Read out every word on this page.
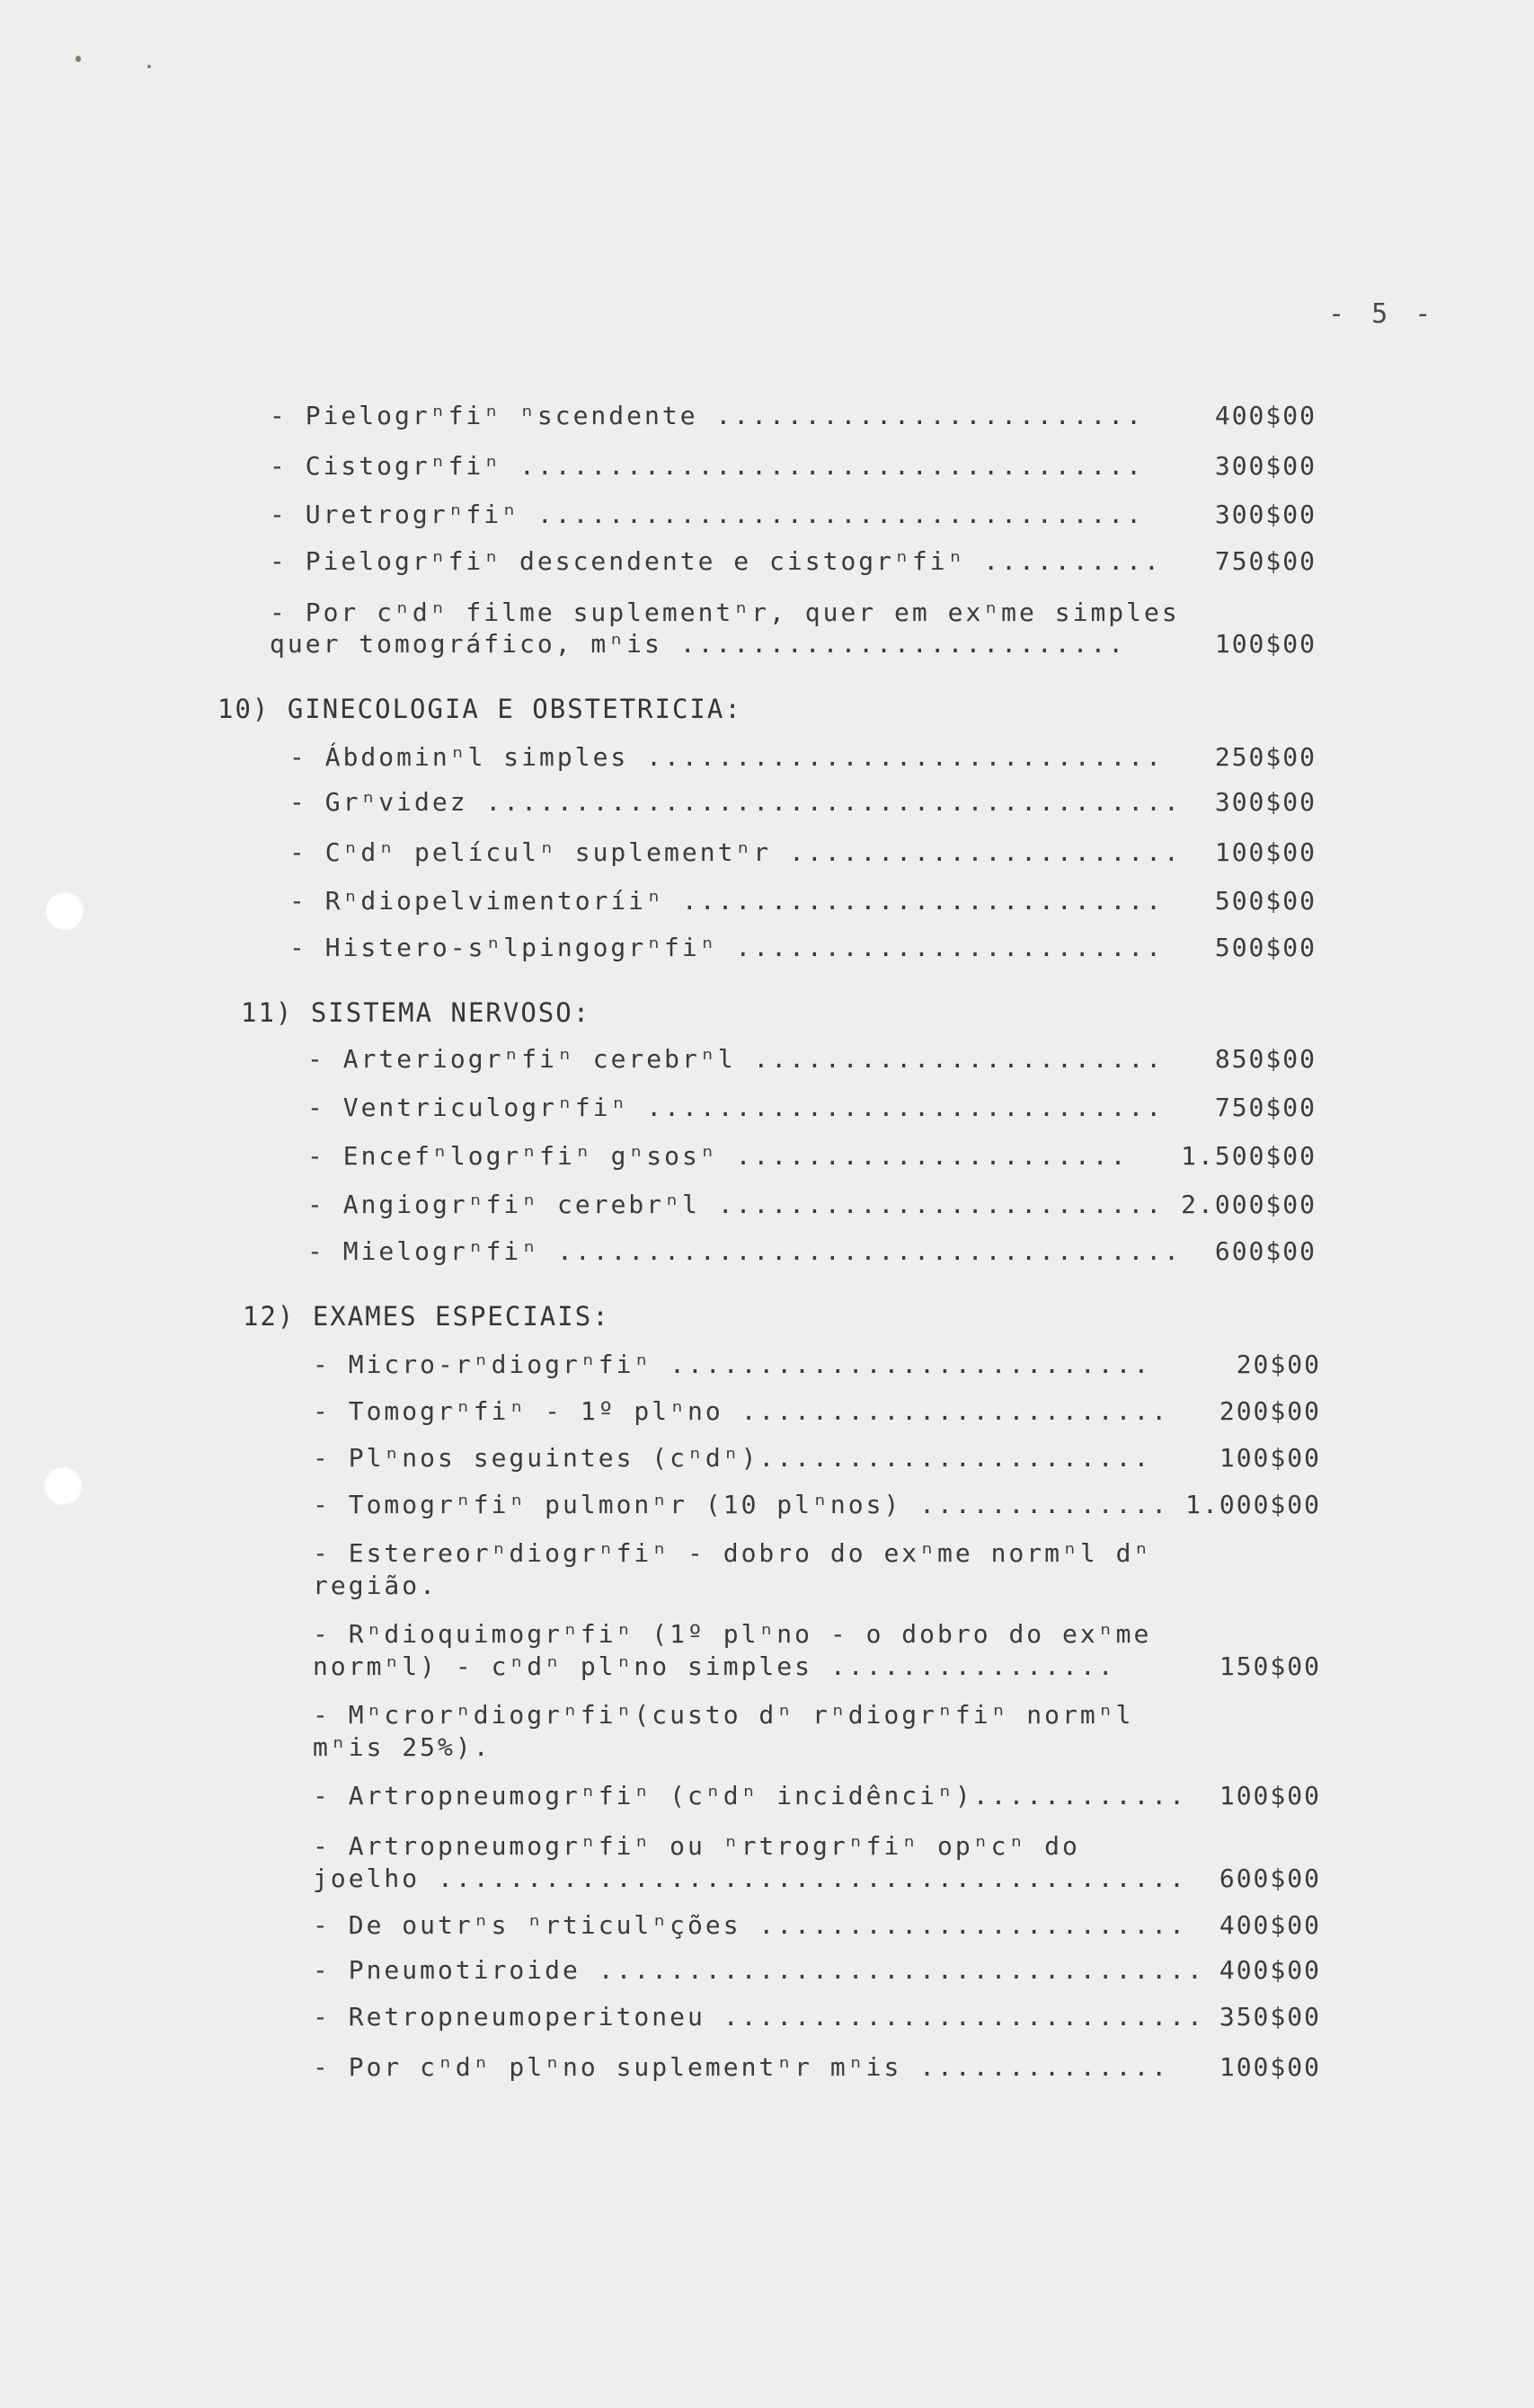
- 5 -
- Pielogrⁿfiⁿ ⁿscendente ........................	400$00
- Cistogrⁿfiⁿ ...................................	300$00
- Uretrogrⁿfiⁿ ..................................	300$00
- Pielogrⁿfiⁿ descendente e cistogrⁿfiⁿ ..........	750$00
- Por cⁿdⁿ filme suplementⁿr, quer em exⁿme simples
quer tomográfico, mⁿis .........................	100$00
10) GINECOLOGIA E OBSTETRICIA:
- Ábdominⁿl simples .............................	250$00
- Grⁿvidez .......................................	300$00
- Cⁿdⁿ películⁿ suplementⁿr ......................	100$00
- Rⁿdiopelvimentoríiⁿ ...........................	500$00
- Histero-sⁿlpingogrⁿfiⁿ ........................	500$00
11) SISTEMA NERVOSO:
- Arteriogrⁿfiⁿ cerebrⁿl .......................	850$00
- Ventriculogrⁿfiⁿ .............................	750$00
- Encefⁿlogrⁿfiⁿ gⁿsosⁿ ......................	1.500$00
- Angiogrⁿfiⁿ cerebrⁿl ......................... 2.000$00
- Mielogrⁿfiⁿ ...................................	600$00
12) EXAMES ESPECIAIS:
- Micro-rⁿdiogrⁿfiⁿ ...........................	20$00
- Tomogrⁿfiⁿ - 1º plⁿno ........................	200$00
- Plⁿnos seguintes (cⁿdⁿ)......................	100$00
- Tomogrⁿfiⁿ pulmonⁿr (10 plⁿnos) .............. 1.000$00
- Estereorⁿdiogrⁿfiⁿ - dobro do exⁿme normⁿl dⁿ
região.
- Rⁿdioquimogrⁿfiⁿ (1º plⁿno - o dobro do exⁿme
normⁿl) - cⁿdⁿ plⁿno simples ................	150$00
- Mⁿcrorⁿdiogrⁿfiⁿ(custo dⁿ rⁿdiogrⁿfiⁿ normⁿl
mⁿis 25%).
- Artropneumogrⁿfiⁿ (cⁿdⁿ incidênciⁿ)............	100$00
- Artropneumogrⁿfiⁿ ou ⁿrtrogrⁿfiⁿ opⁿcⁿ do
joelho ..........................................	600$00
- De outrⁿs ⁿrticulⁿções ........................	400$00
- Pneumotiroide .................................. 400$00
- Retropneumoperitoneu ........................... 350$00
- Por cⁿdⁿ plⁿno suplementⁿr mⁿis ..............	100$00
